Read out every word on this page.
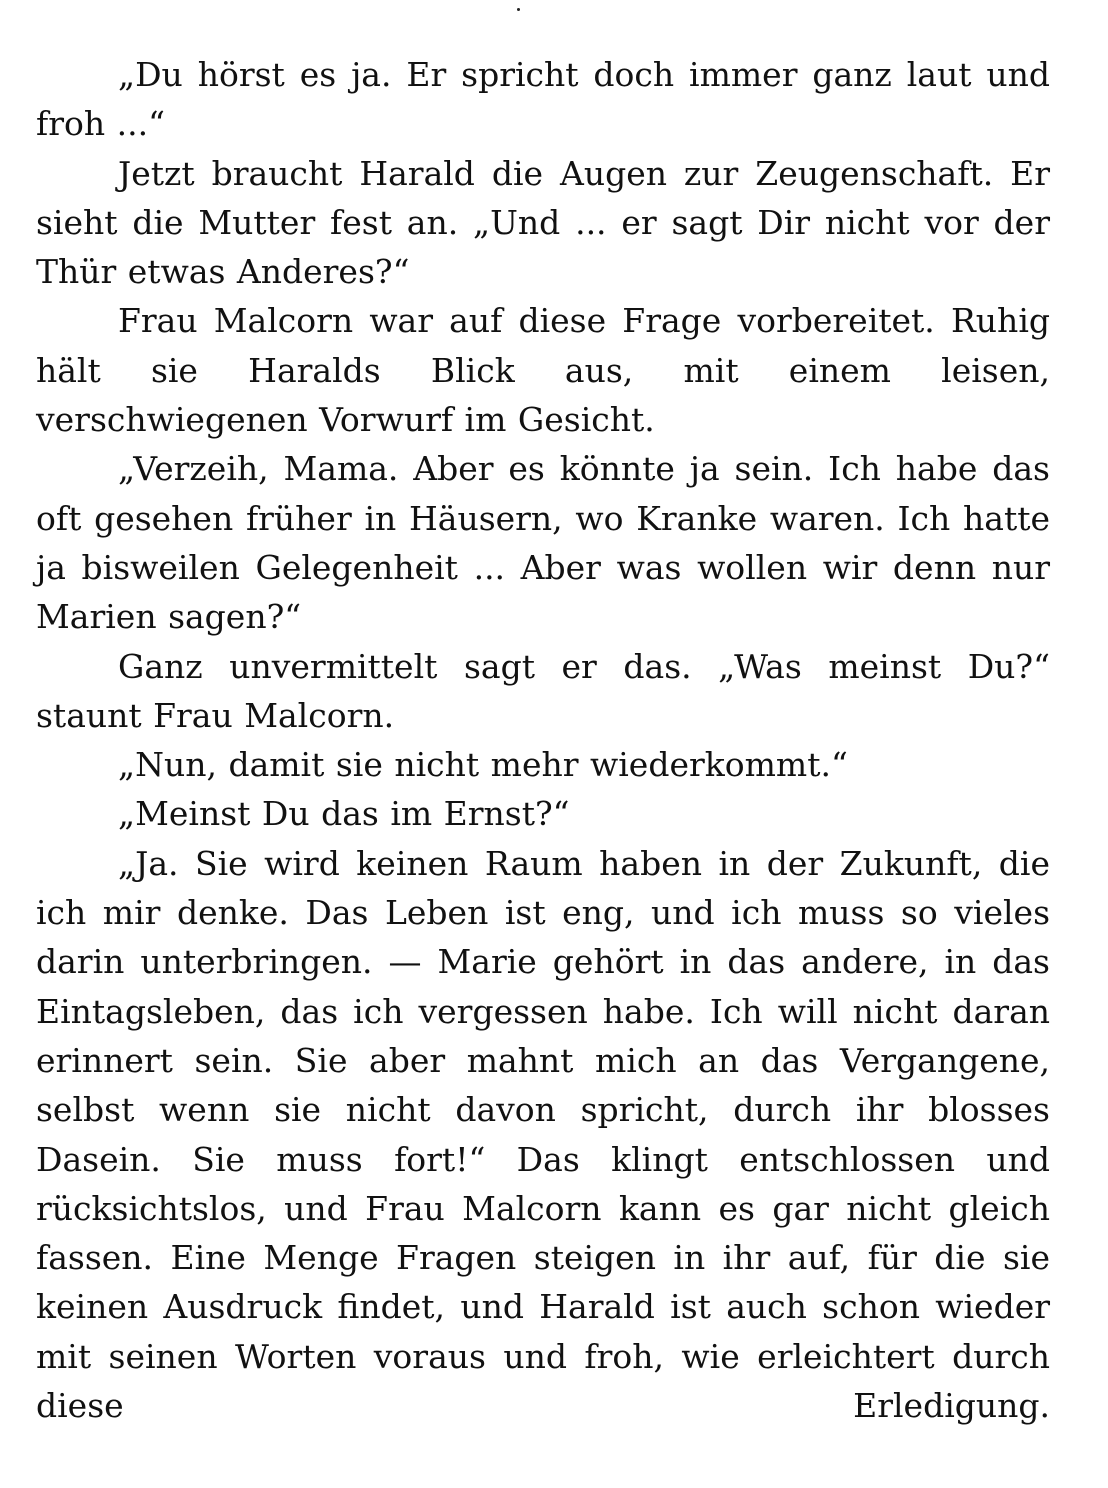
„Du hörst es ja. Er spricht doch immer ganz laut und froh ...“

Jetzt braucht Harald die Augen zur Zeugenschaft. Er sieht die Mutter fest an. „Und ... er sagt Dir nicht vor der Thür etwas Anderes?“

Frau Malcorn war auf diese Frage vorbereitet. Ruhig hält sie Haralds Blick aus, mit einem leisen, verschwiegenen Vorwurf im Gesicht.

„Verzeih, Mama. Aber es könnte ja sein. Ich habe das oft gesehen früher in Häusern, wo Kranke waren. Ich hatte ja bisweilen Gelegenheit ... Aber was wollen wir denn nur Marien sagen?“

Ganz unvermittelt sagt er das. „Was meinst Du?“ staunt Frau Malcorn.

„Nun, damit sie nicht mehr wiederkommt.“

„Meinst Du das im Ernst?“

„Ja. Sie wird keinen Raum haben in der Zukunft, die ich mir denke. Das Leben ist eng, und ich muss so vieles darin unterbringen. — Marie gehört in das andere, in das Eintagsleben, das ich vergessen habe. Ich will nicht daran erinnert sein. Sie aber mahnt mich an das Vergangene, selbst wenn sie nicht davon spricht, durch ihr blosses Dasein. Sie muss fort!“ Das klingt entschlossen und rücksichtslos, und Frau Malcorn kann es gar nicht gleich fassen. Eine Menge Fragen steigen in ihr auf, für die sie keinen Ausdruck findet, und Harald ist auch schon wieder mit seinen Worten voraus und froh, wie erleichtert durch diese Erledigung.
